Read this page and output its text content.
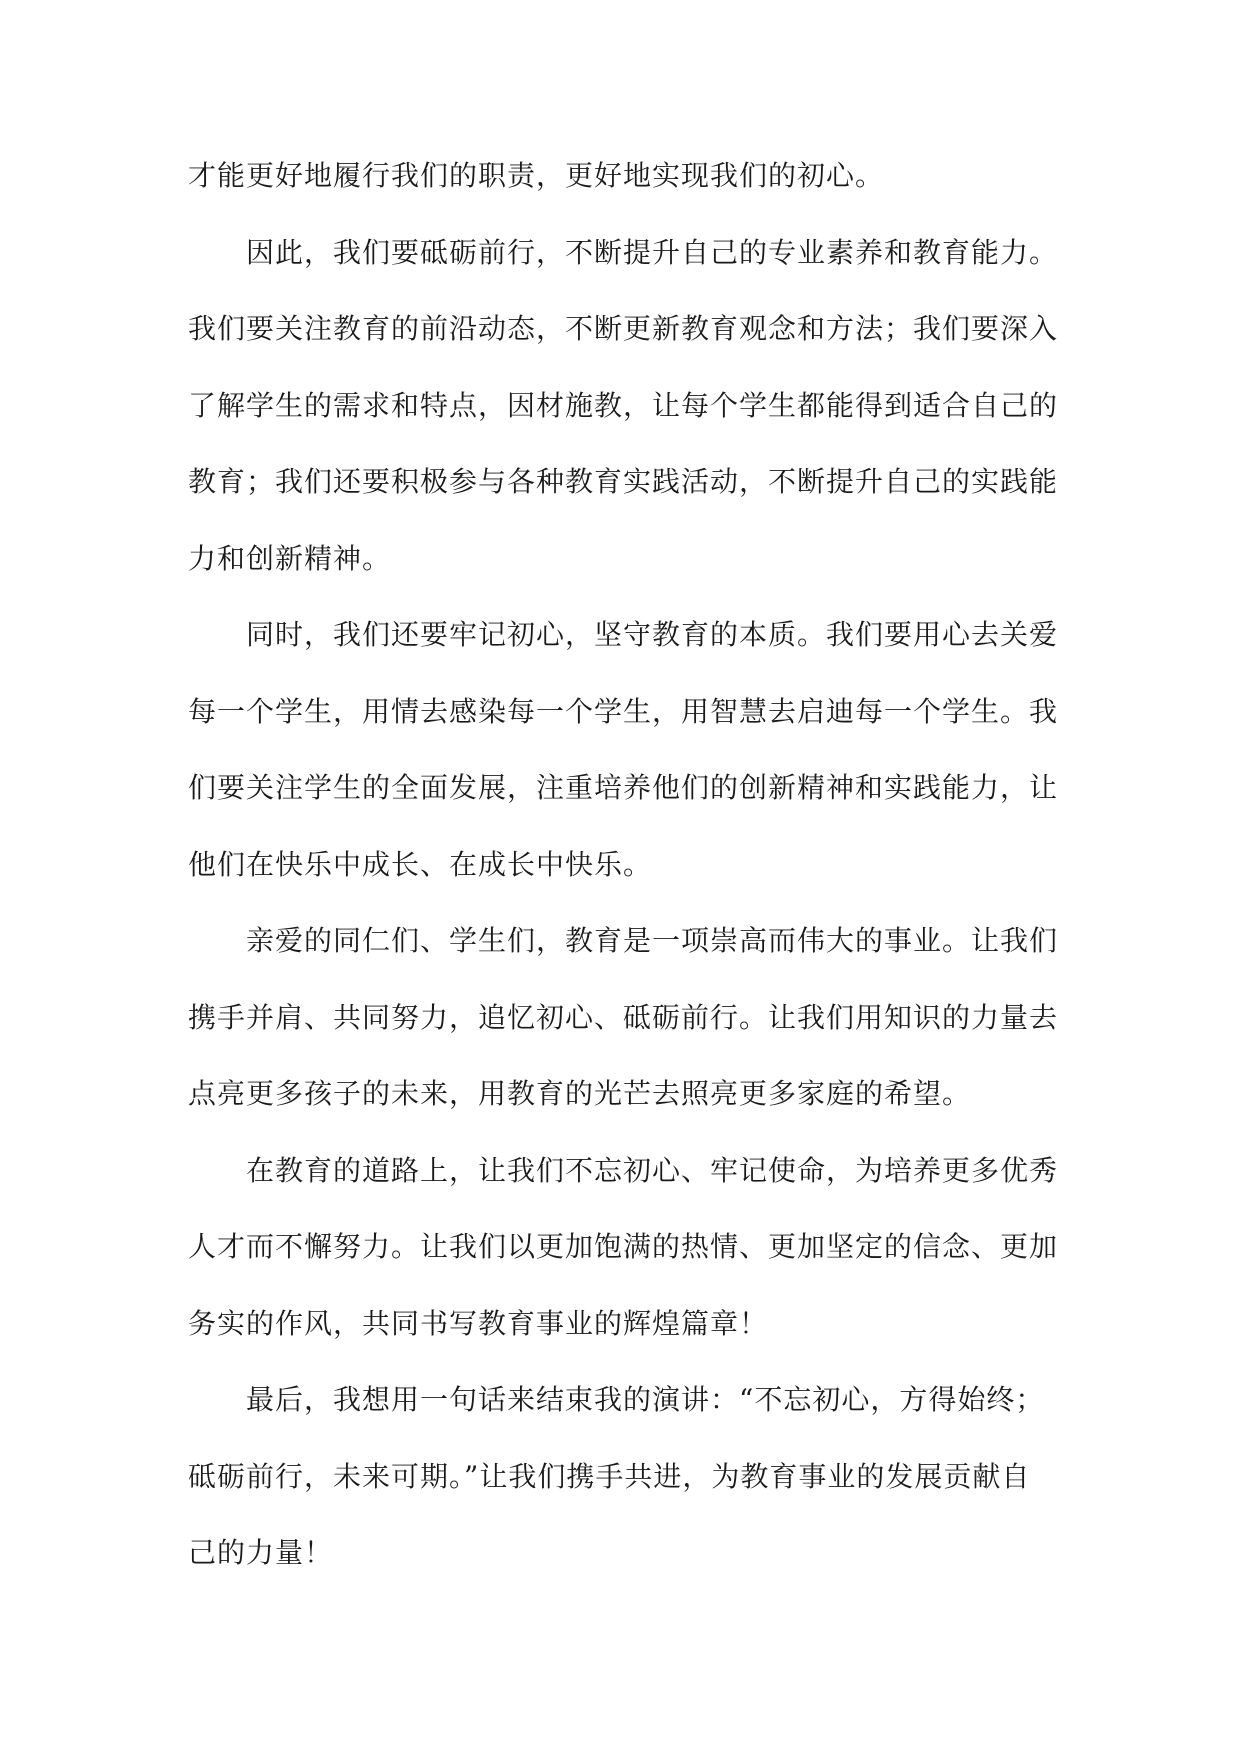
才能更好地履行我们的职责，更好地实现我们的初心。
因此，我们要砥砺前行，不断提升自己的专业素养和教育能力。
我们要关注教育的前沿动态，不断更新教育观念和方法；我们要深入
了解学生的需求和特点，因材施教，让每个学生都能得到适合自己的
教育；我们还要积极参与各种教育实践活动，不断提升自己的实践能
力和创新精神。
同时，我们还要牢记初心，坚守教育的本质。我们要用心去关爱
每一个学生，用情去感染每一个学生，用智慧去启迪每一个学生。我
们要关注学生的全面发展，注重培养他们的创新精神和实践能力，让
他们在快乐中成长、在成长中快乐。
亲爱的同仁们、学生们，教育是一项崇高而伟大的事业。让我们
携手并肩、共同努力，追忆初心、砥砺前行。让我们用知识的力量去
点亮更多孩子的未来，用教育的光芒去照亮更多家庭的希望。
在教育的道路上，让我们不忘初心、牢记使命，为培养更多优秀
人才而不懈努力。让我们以更加饱满的热情、更加坚定的信念、更加
务实的作风，共同书写教育事业的辉煌篇章！
最后，我想用一句话来结束我的演讲：“不忘初心，方得始终；
砥砺前行，未来可期。”让我们携手共进，为教育事业的发展贡献自
己的力量！
